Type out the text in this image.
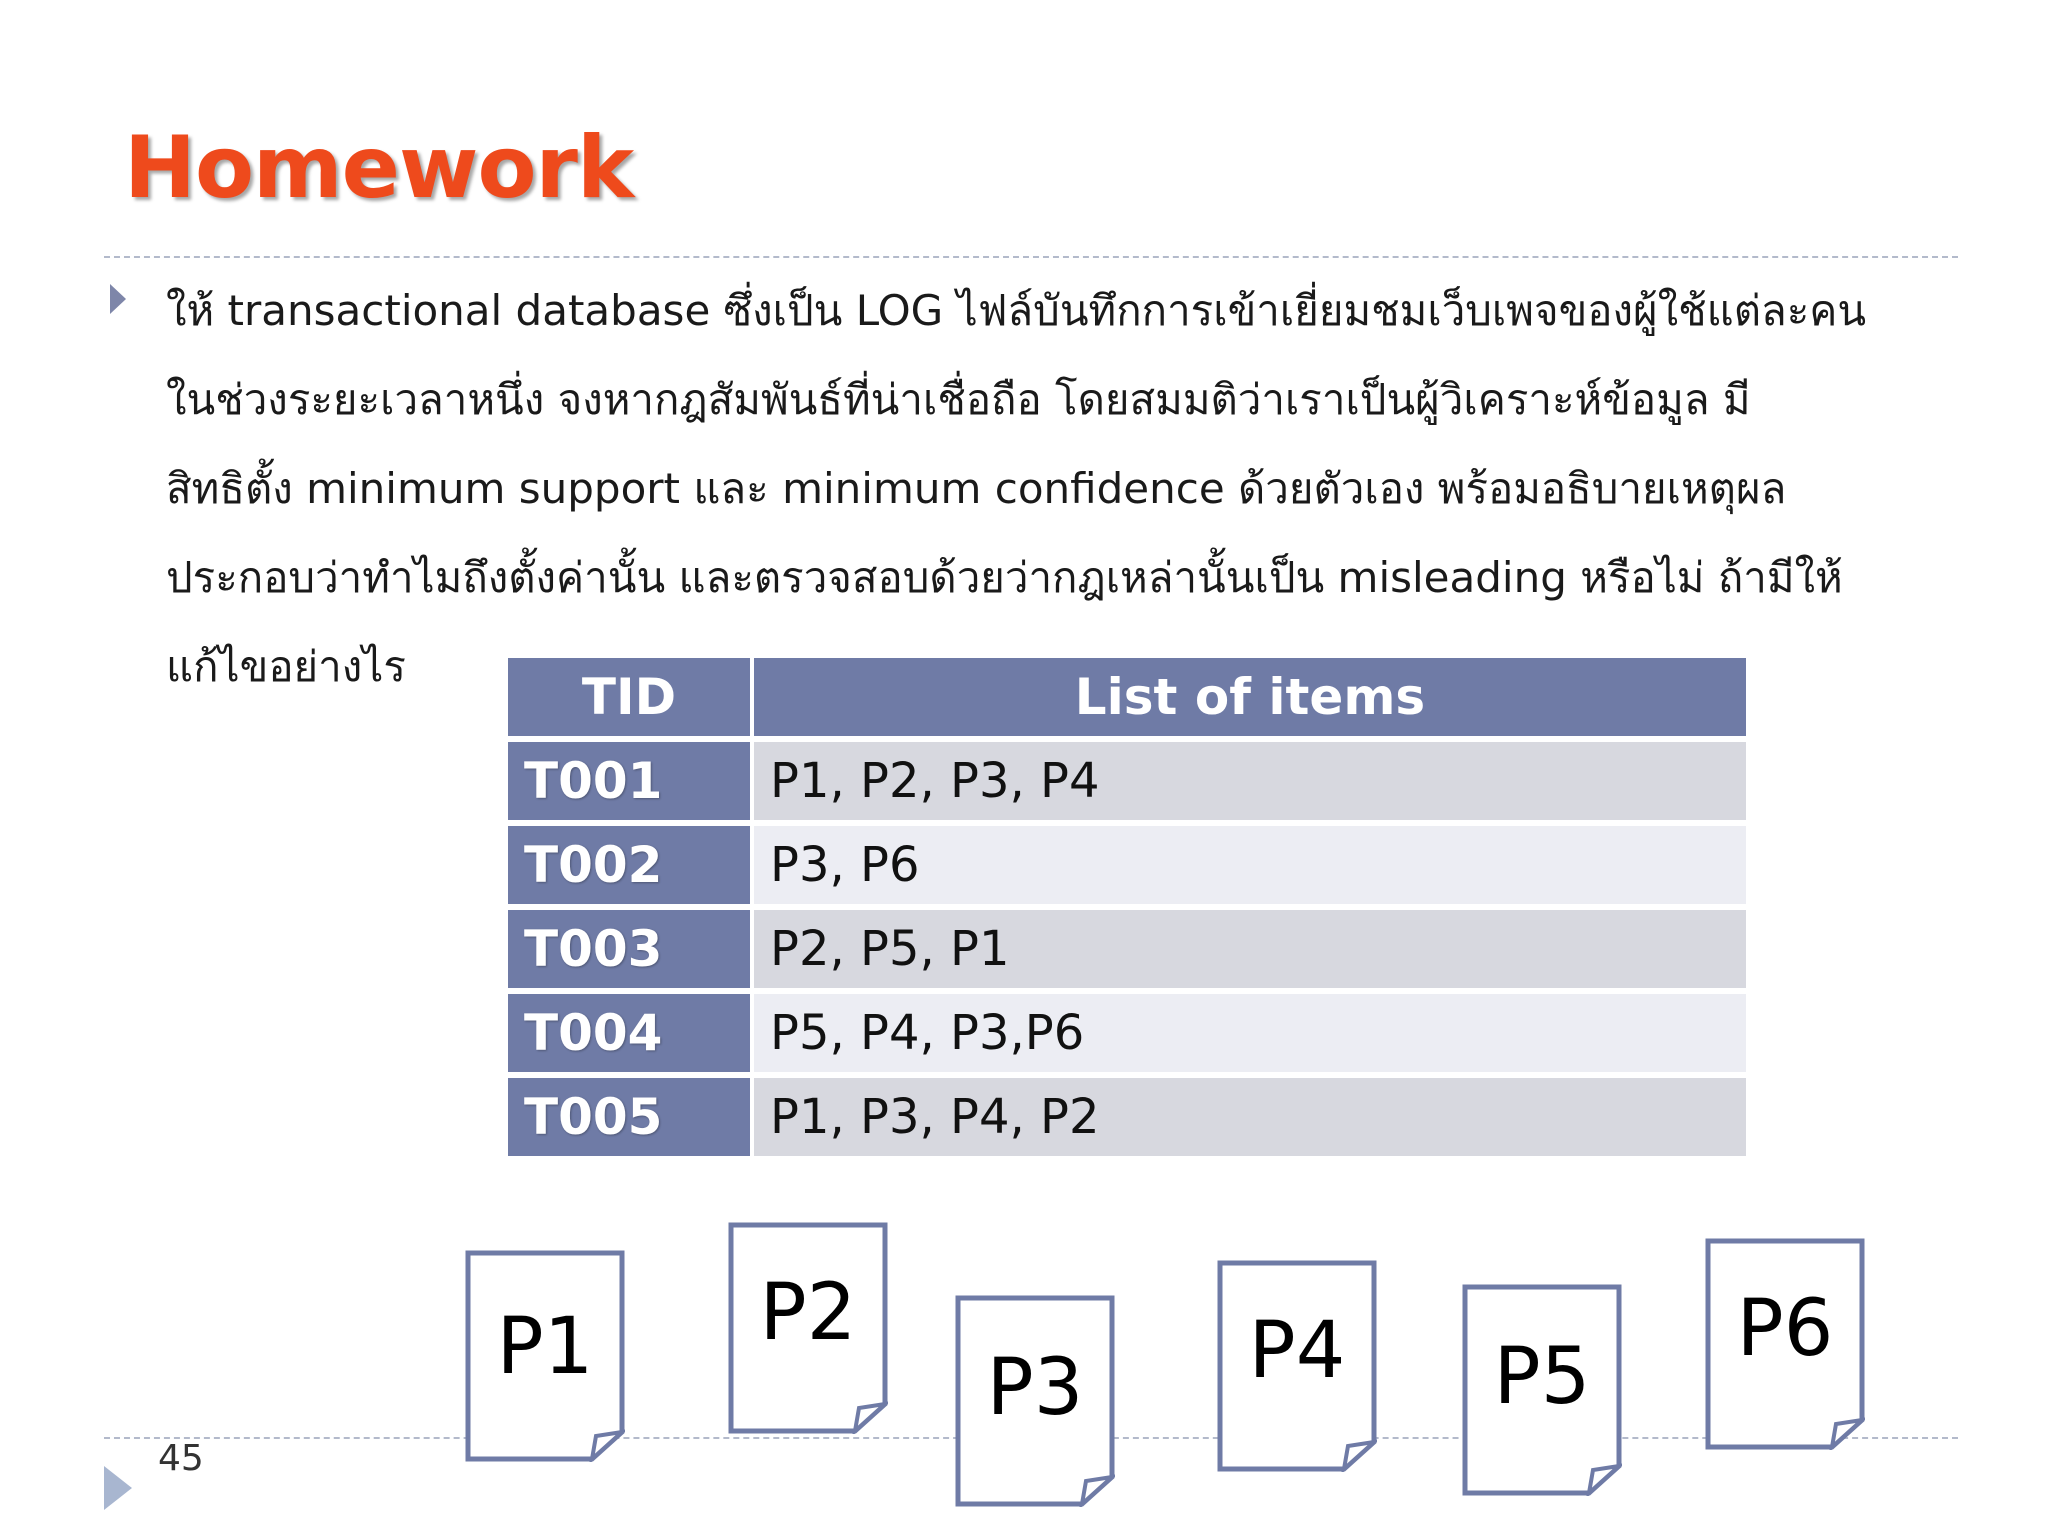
Homework
ให้ transactional database ซึ่งเป็น LOG ไฟล์บันทึกการเข้าเยี่ยมชมเว็บเพจของผู้ใช้แต่ละคน
ในช่วงระยะเวลาหนึ่ง จงหากฎสัมพันธ์ที่น่าเชื่อถือ โดยสมมติว่าเราเป็นผู้วิเคราะห์ข้อมูล มี
สิทธิตั้ง minimum support และ minimum confidence ด้วยตัวเอง พร้อมอธิบายเหตุผล
ประกอบว่าทำไมถึงตั้งค่านั้น และตรวจสอบด้วยว่ากฎเหล่านั้นเป็น misleading หรือไม่ ถ้ามีให้
แก้ไขอย่างไร
TID	List of items
T001	P1, P2, P3, P4
T002	P3, P6
T003	P2, P5, P1
T004	P5, P4, P3,P6
T005	P1, P3, P4, P2
P1	P2
P3	P4	P5
P6
45
